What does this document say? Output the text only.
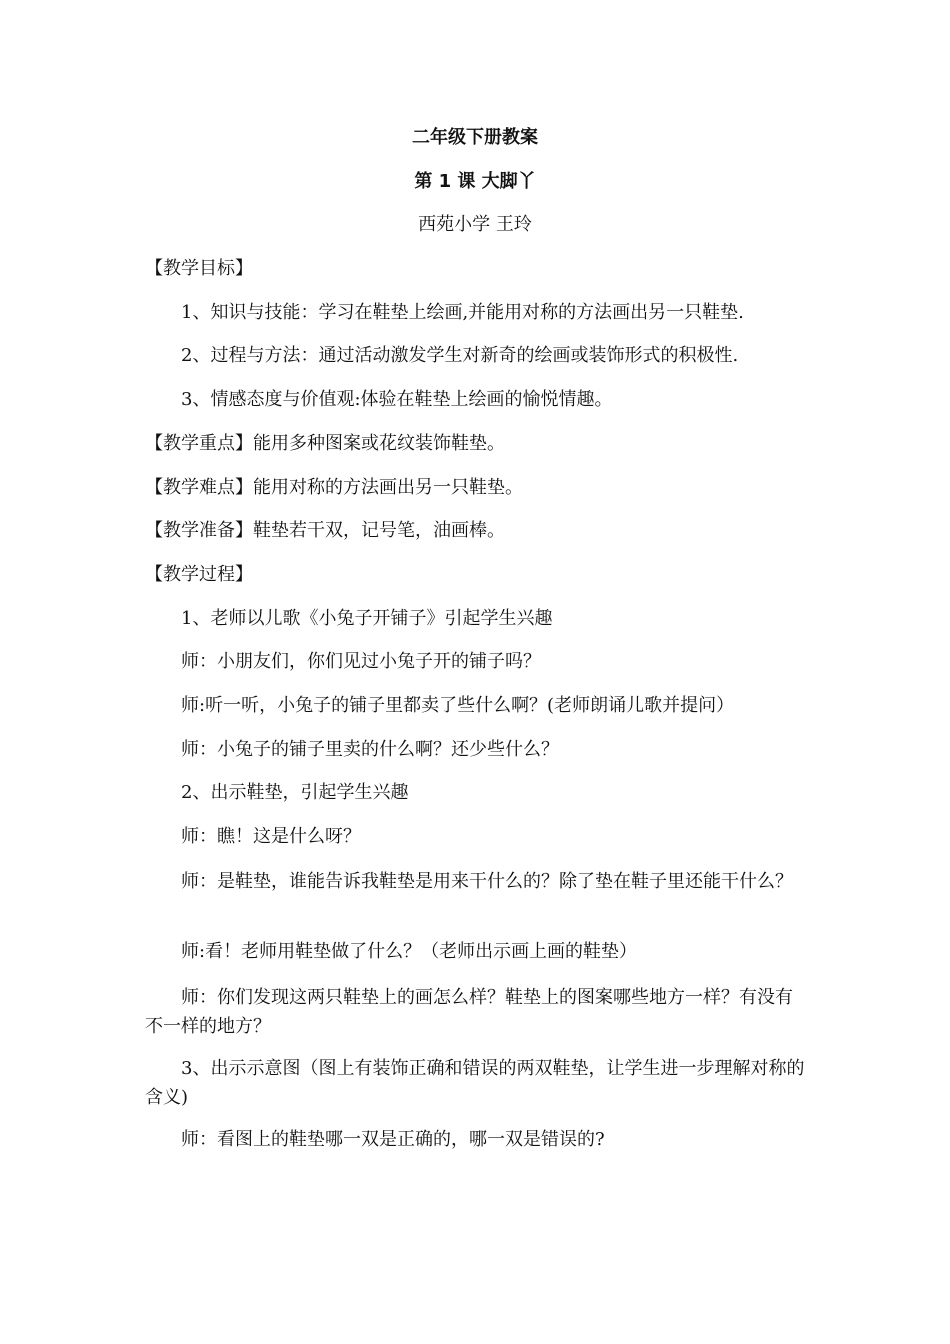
二年级下册教案
第 1 课 大脚丫
西苑小学 王玲
【教学目标】
1、知识与技能：学习在鞋垫上绘画,并能用对称的方法画出另一只鞋垫.
2、过程与方法：通过活动激发学生对新奇的绘画或装饰形式的积极性.
3、情感态度与价值观:体验在鞋垫上绘画的愉悦情趣。
【教学重点】能用多种图案或花纹装饰鞋垫。
【教学难点】能用对称的方法画出另一只鞋垫。
【教学准备】鞋垫若干双，记号笔，油画棒。
【教学过程】
1、老师以儿歌《小兔子开铺子》引起学生兴趣
师：小朋友们，你们见过小兔子开的铺子吗？
师:听一听，小兔子的铺子里都卖了些什么啊？(老师朗诵儿歌并提问）
师：小兔子的铺子里卖的什么啊？还少些什么？
2、出示鞋垫，引起学生兴趣
师：瞧！这是什么呀？
师：是鞋垫，谁能告诉我鞋垫是用来干什么的？除了垫在鞋子里还能干什么？
师:看！老师用鞋垫做了什么？（老师出示画上画的鞋垫）
师：你们发现这两只鞋垫上的画怎么样？鞋垫上的图案哪些地方一样？有没有不一样的地方？
3、出示示意图（图上有装饰正确和错误的两双鞋垫，让学生进一步理解对称的含义)
师：看图上的鞋垫哪一双是正确的，哪一双是错误的?
